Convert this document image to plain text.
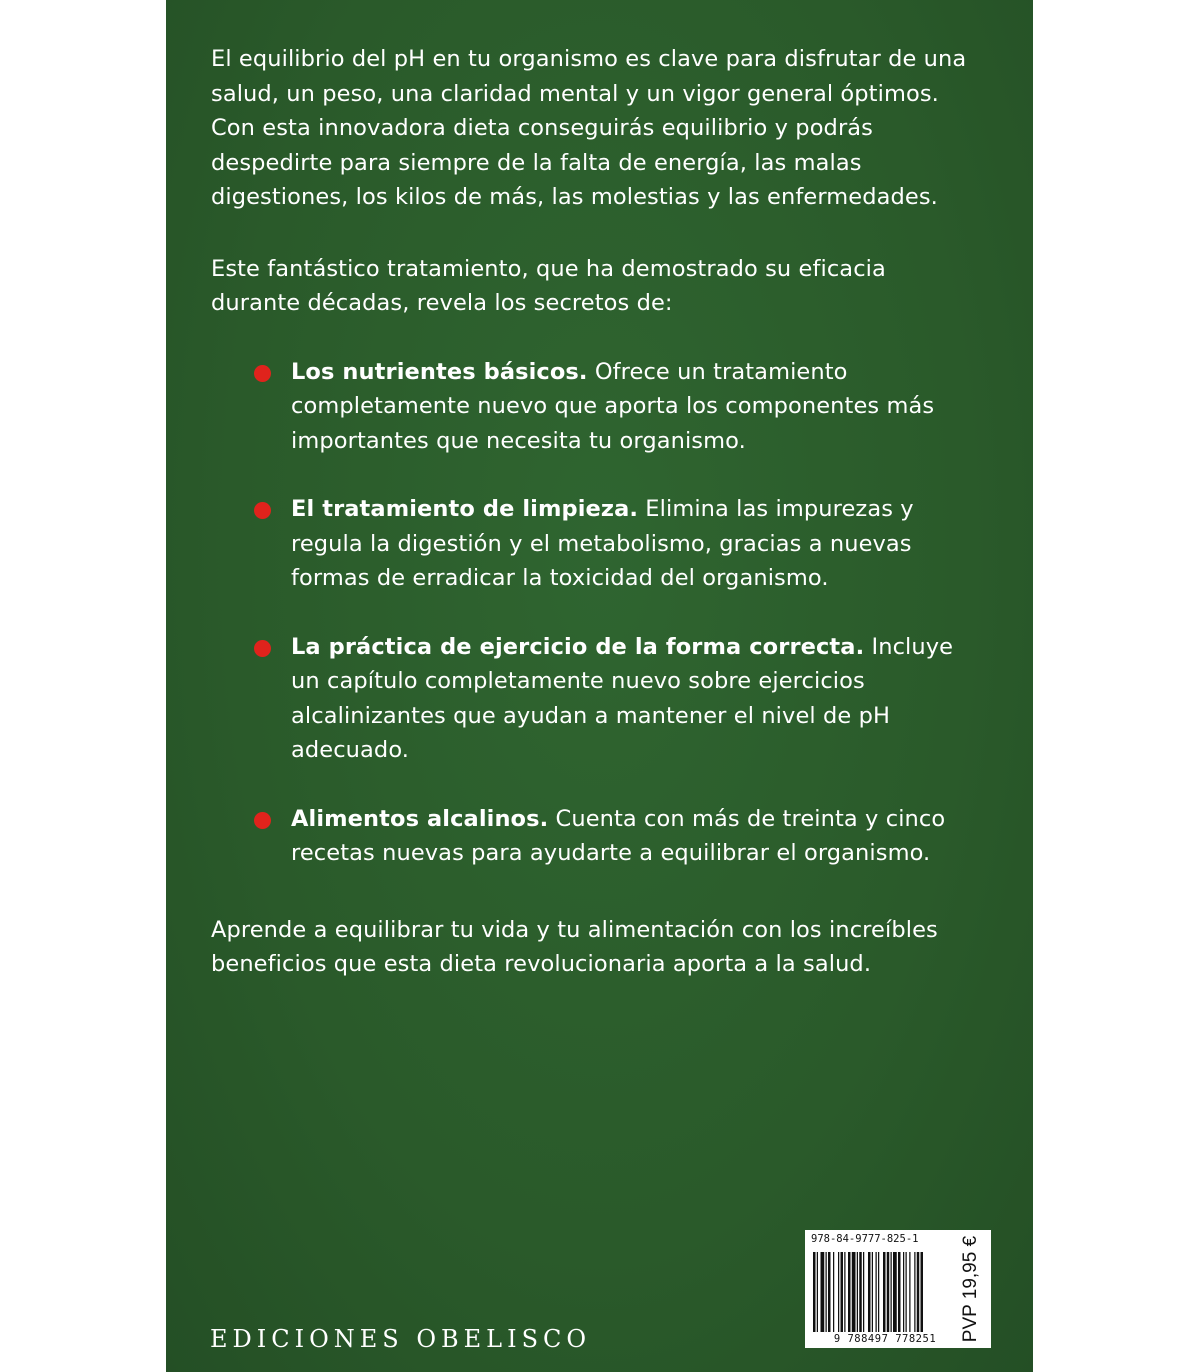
El equilibrio del pH en tu organismo es clave para disfrutar de una salud, un peso, una claridad mental y un vigor general óptimos. Con esta innovadora dieta conseguirás equilibrio y podrás despedirte para siempre de la falta de energía, las malas digestiones, los kilos de más, las molestias y las enfermedades.

Este fantástico tratamiento, que ha demostrado su eficacia durante décadas, revela los secretos de:

Los nutrientes básicos. Ofrece un tratamiento completamente nuevo que aporta los componentes más importantes que necesita tu organismo.
El tratamiento de limpieza. Elimina las impurezas y regula la digestión y el metabolismo, gracias a nuevas formas de erradicar la toxicidad del organismo.
La práctica de ejercicio de la forma correcta. Incluye un capítulo completamente nuevo sobre ejercicios alcalinizantes que ayudan a mantener el nivel de pH adecuado.
Alimentos alcalinos. Cuenta con más de treinta y cinco recetas nuevas para ayudarte a equilibrar el organismo.

Aprende a equilibrar tu vida y tu alimentación con los increíbles beneficios que esta dieta revolucionaria aporta a la salud.

EDICIONES OBELISCO
978-84-9777-825-1
9 788497 778251	PVP 19,95 €
